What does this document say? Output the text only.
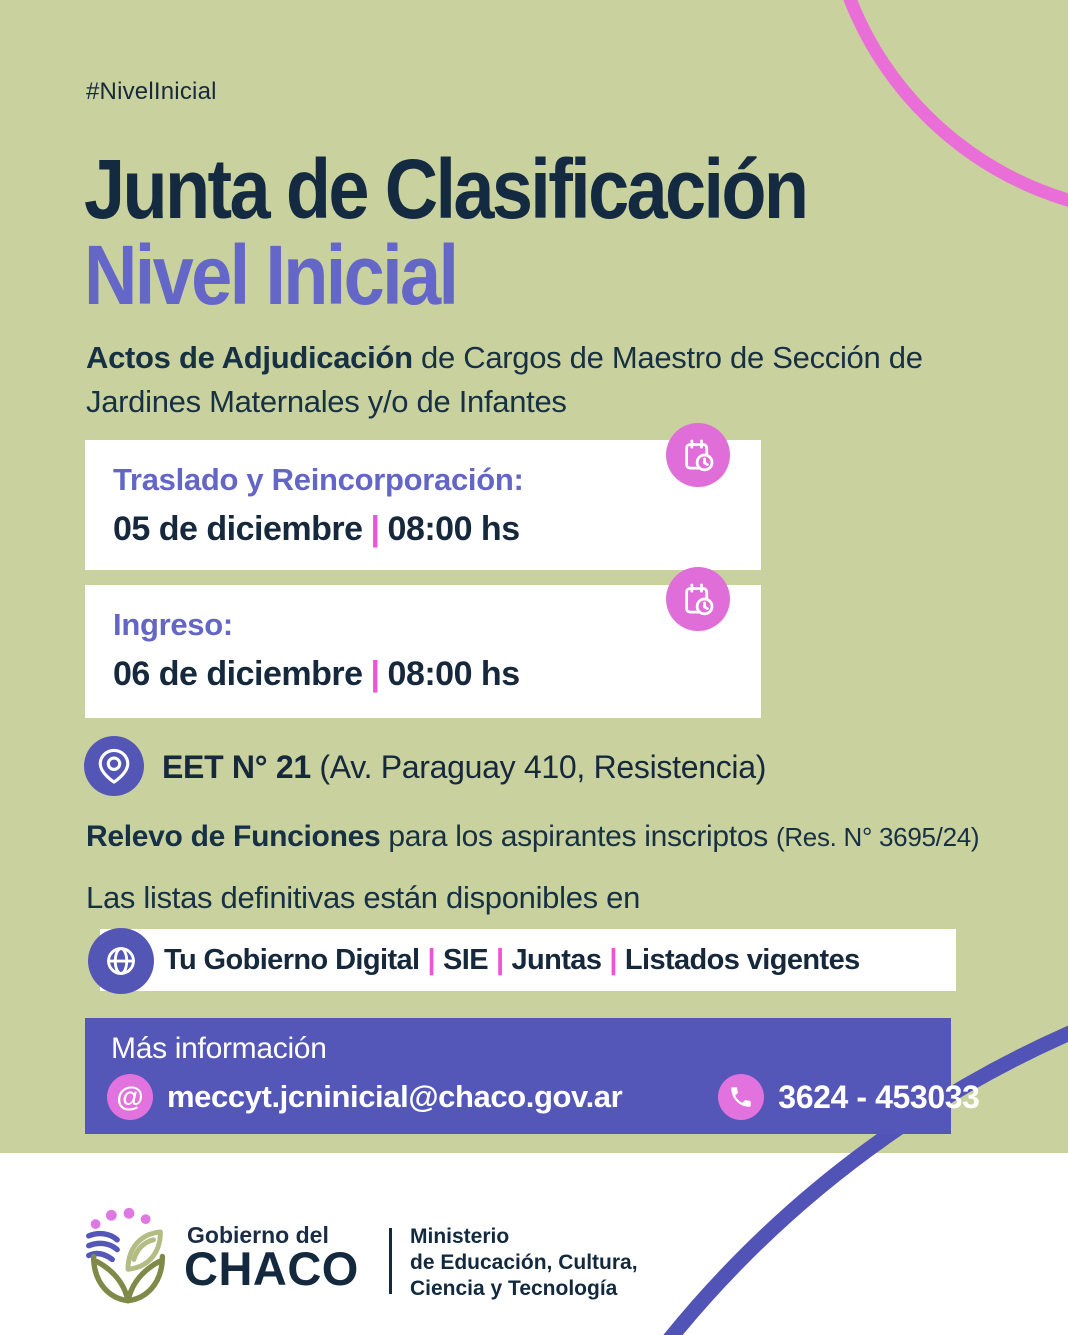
#NivelInicial
Junta de Clasificación
Nivel Inicial
Actos de Adjudicación de Cargos de Maestro de Sección de Jardines Maternales y/o de Infantes
Traslado y Reincorporación:
05 de diciembre | 08:00 hs
Ingreso:
06 de diciembre | 08:00 hs
EET N° 21 (Av. Paraguay 410, Resistencia)
Relevo de Funciones para los aspirantes inscriptos (Res. N° 3695/24)
Las listas definitivas están disponibles en
Tu Gobierno Digital | SIE | Juntas | Listados vigentes
Más información
@ meccyt.jcninicial@chaco.gov.ar	3624 - 453033
Gobierno del
CHACO
Ministerio
de Educación, Cultura,
Ciencia y Tecnología
